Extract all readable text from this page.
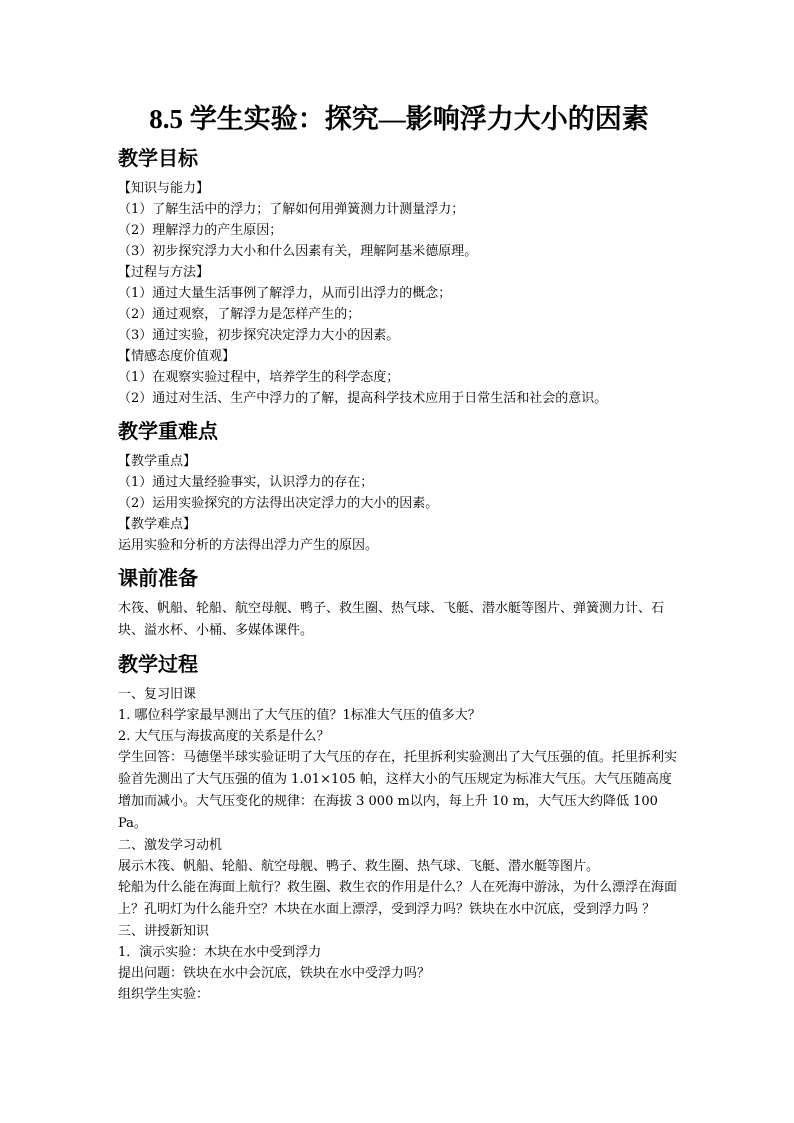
8.5 学生实验：探究—影响浮力大小的因素
教学目标

【知识与能力】

（1）了解生活中的浮力；了解如何用弹簧测力计测量浮力；

（2）理解浮力的产生原因；

（3）初步探究浮力大小和什么因素有关，理解阿基米德原理。

【过程与方法】

（1）通过大量生活事例了解浮力，从而引出浮力的概念；

（2）通过观察，了解浮力是怎样产生的；

（3）通过实验，初步探究决定浮力大小的因素。

【情感态度价值观】

（1）在观察实验过程中，培养学生的科学态度；

（2）通过对生活、生产中浮力的了解，提高科学技术应用于日常生活和社会的意识。

教学重难点

【教学重点】

（1）通过大量经验事实，认识浮力的存在；

（2）运用实验探究的方法得出决定浮力的大小的因素。

【教学难点】

运用实验和分析的方法得出浮力产生的原因。

课前准备

木筏、帆船、轮船、航空母舰、鸭子、救生圈、热气球、飞艇、潜水艇等图片、弹簧测力计、石块、溢水杯、小桶、多媒体课件。

教学过程

一、复习旧课

1. 哪位科学家最早测出了大气压的值？1标准大气压的值多大？

2. 大气压与海拔高度的关系是什么？

学生回答：马德堡半球实验证明了大气压的存在，托里拆利实验测出了大气压强的值。托里拆利实验首先测出了大气压强的值为 1.01×105 帕，这样大小的气压规定为标准大气压。大气压随高度增加而减小。大气压变化的规律：在海拔 3 000 m以内，每上升 10 m，大气压大约降低 100 Pa。

二、激发学习动机

展示木筏、帆船、轮船、航空母舰、鸭子、救生圈、热气球、飞艇、潜水艇等图片。

轮船为什么能在海面上航行？救生圈、救生衣的作用是什么？人在死海中游泳，为什么漂浮在海面上？孔明灯为什么能升空？木块在水面上漂浮，受到浮力吗？铁块在水中沉底，受到浮力吗 ？

三、讲授新知识

1．演示实验：木块在水中受到浮力

提出问题：铁块在水中会沉底，铁块在水中受浮力吗？

组织学生实验：
